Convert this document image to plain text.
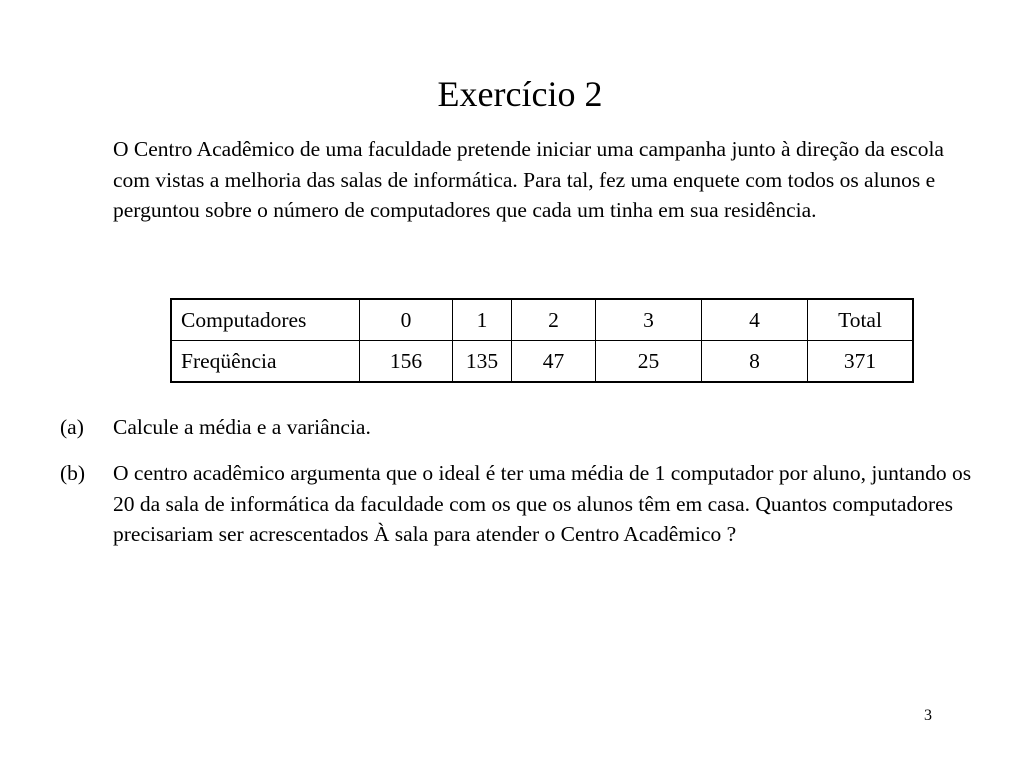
Exercício 2
O Centro Acadêmico de uma faculdade pretende iniciar uma campanha junto à direção da escola com vistas a melhoria das salas de informática. Para tal, fez uma enquete com todos os alunos e perguntou sobre o número de computadores que cada um tinha em sua residência.
Computadores	0	1	2	3	4	Total
Freqüência	156	135	47	25	8	371
(a) Calcule a média e a variância.
(b) O centro acadêmico argumenta que o ideal é ter uma média de 1 computador por aluno, juntando os 20 da sala de informática da faculdade com os que os alunos têm em casa. Quantos computadores precisariam ser acrescentados À sala para atender o Centro Acadêmico ?
3
